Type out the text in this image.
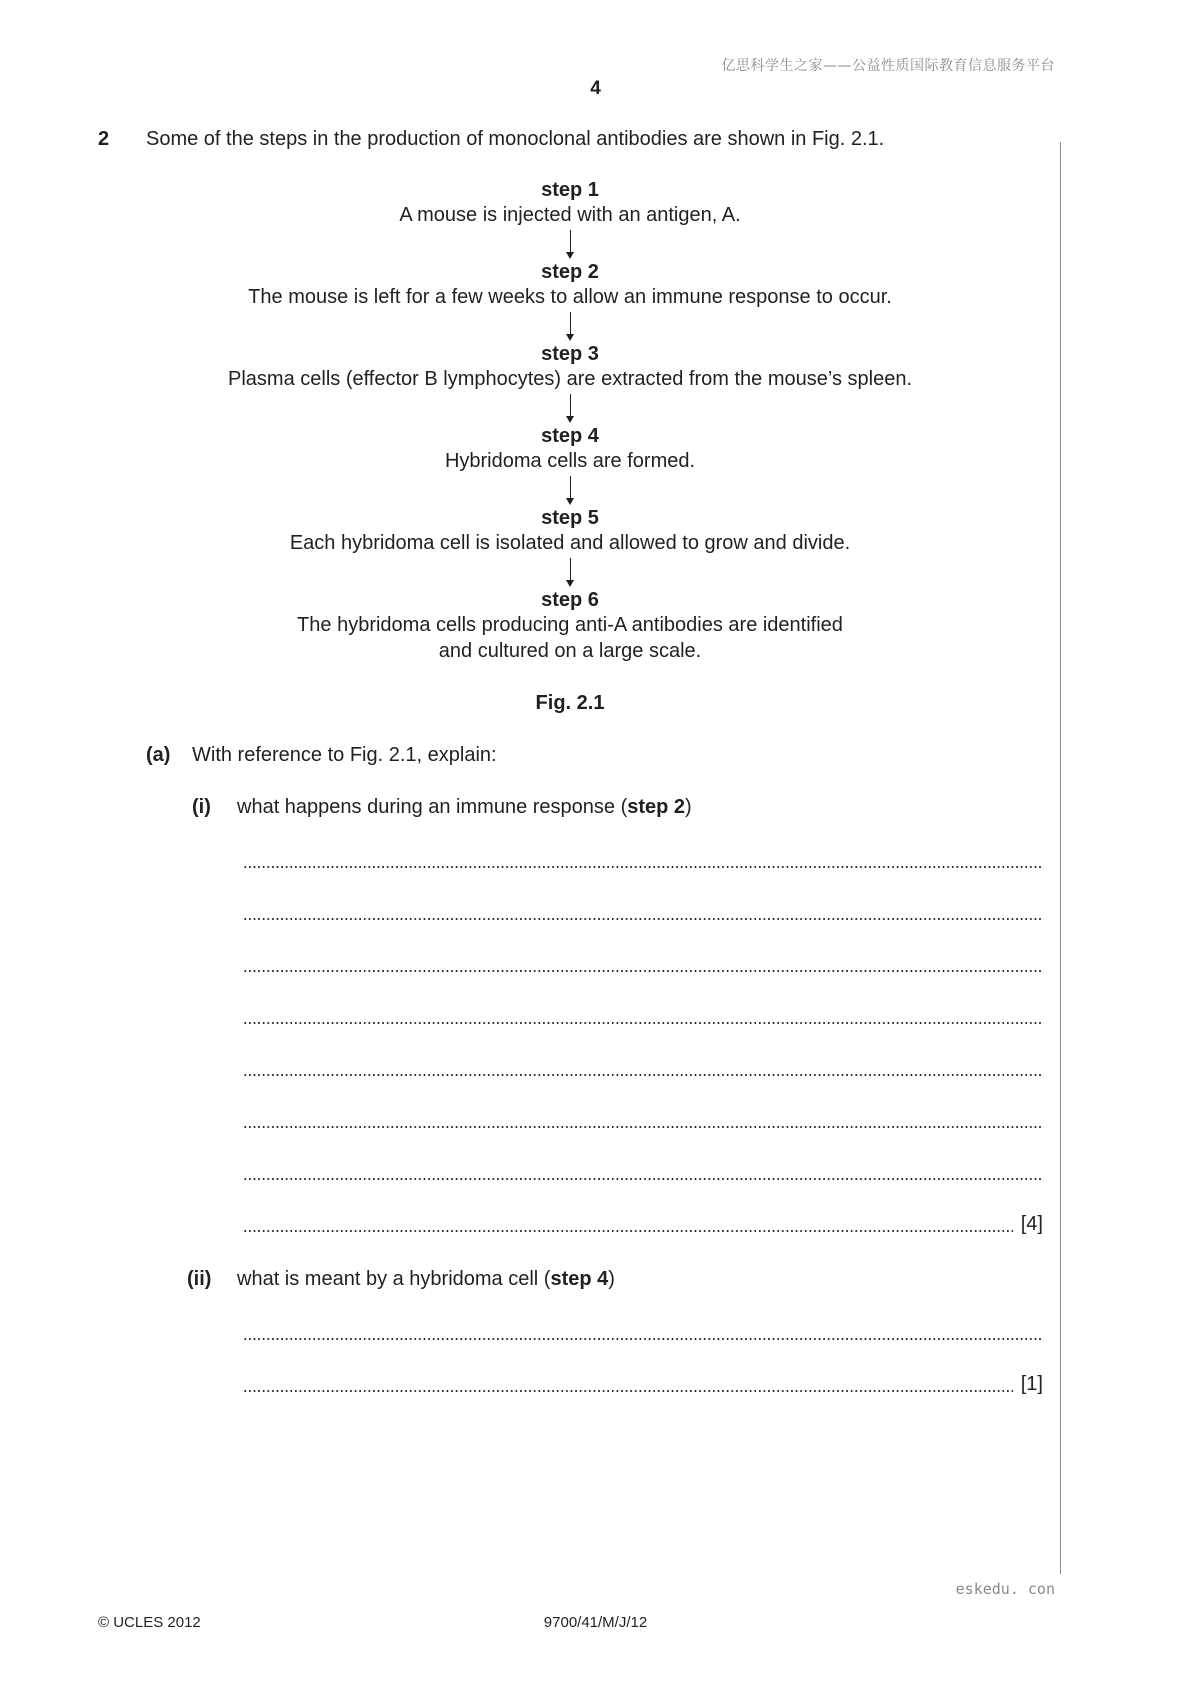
亿思科学生之家——公益性质国际教育信息服务平台
4
2 Some of the steps in the production of monoclonal antibodies are shown in Fig. 2.1.
step 1
A mouse is injected with an antigen, A.
step 2
The mouse is left for a few weeks to allow an immune response to occur.
step 3
Plasma cells (effector B lymphocytes) are extracted from the mouse’s spleen.
step 4
Hybridoma cells are formed.
step 5
Each hybridoma cell is isolated and allowed to grow and divide.
step 6
The hybridoma cells producing anti-A antibodies are identified
and cultured on a large scale.
Fig. 2.1
(a) With reference to Fig. 2.1, explain:
(i) what happens during an immune response (step 2)
[4]
(ii) what is meant by a hybridoma cell (step 4)
[1]
eskedu. con
© UCLES 2012	9700/41/M/J/12
